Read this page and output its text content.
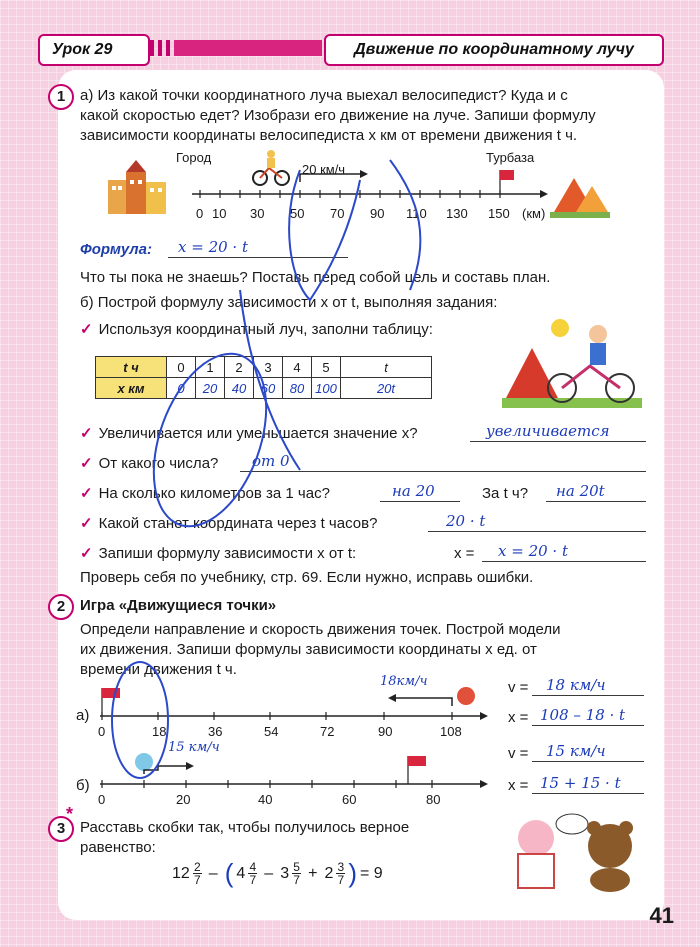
Урок 29	Движение по координатному лучу
1 а) Из какой точки координатного луча выехал велосипедист? Куда и с
какой скоростью едет? Изобрази его движение на луче. Запиши формулу
зависимости координаты велосипедиста x км от времени движения t ч.
Город
20 км/ч
Турбаза
0 10 30 50 70 90 110 130 150 (км)
Формула: x = 20 · t
Что ты пока не знаешь? Поставь перед собой цель и составь план.
б) Построй формулу зависимости x от t, выполняя задания:
✓ Используя координатный луч, заполни таблицу:
t ч	0	1	2	3	4	5	t
x км	0	20	40	60	80	100	20t
✓ Увеличивается или уменьшается значение x?	увеличивается
✓ От какого числа? от 0
✓ На сколько километров за 1 час?	на 20	За t ч? на 20t
✓ Какой станет координата через t часов?	20 · t
✓ Запиши формулу зависимости x от t:	x = x = 20 · t
Проверь себя по учебнику, стр. 69. Если нужно, исправь ошибки.
2 Игра «Движущиеся точки»
Определи направление и скорость движения точек. Построй модели
их движения. Запиши формулы зависимости координаты x ед. от
времени движения t ч.
а)
18км/ч
0	18	36	54	72	90	108
v = 18 км/ч
x = 108 – 18 · t
б)
15 км/ч
0	20	40	60	80
v = 15 км/ч
x = 15 + 15 · t
3
*
Расставь скобки так, чтобы получилось верное
равенство:
12 2
7 – ( 4 4
7 – 3 5
7 + 2 3
7 ) = 9
41
